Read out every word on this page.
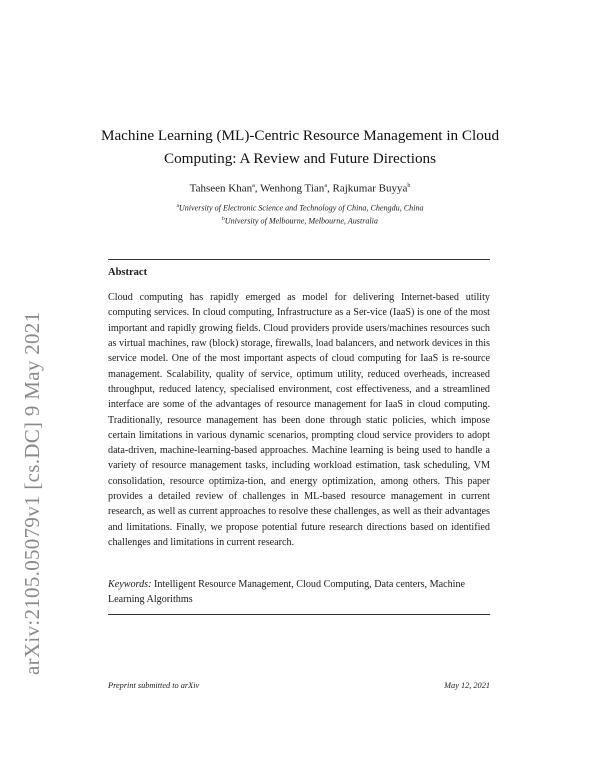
arXiv:2105.05079v1 [cs.DC] 9 May 2021
Machine Learning (ML)-Centric Resource Management in Cloud Computing: A Review and Future Directions
Tahseen Khan$^a$, Wenhong Tian$^a$, Rajkumar Buyya$^b$
$^a$University of Electronic Science and Technology of China, Chengdu, China
$^b$University of Melbourne, Melbourne, Australia
Abstract
Cloud computing has rapidly emerged as model for delivering Internet-based utility computing services. In cloud computing, Infrastructure as a Ser-vice (IaaS) is one of the most important and rapidly growing fields. Cloud providers provide users/machines resources such as virtual machines, raw (block) storage, firewalls, load balancers, and network devices in this service model. One of the most important aspects of cloud computing for IaaS is re-source management. Scalability, quality of service, optimum utility, reduced overheads, increased throughput, reduced latency, specialised environment, cost effectiveness, and a streamlined interface are some of the advantages of resource management for IaaS in cloud computing. Traditionally, resource management has been done through static policies, which impose certain limitations in various dynamic scenarios, prompting cloud service providers to adopt data-driven, machine-learning-based approaches. Machine learning is being used to handle a variety of resource management tasks, including workload estimation, task scheduling, VM consolidation, resource optimiza-tion, and energy optimization, among others. This paper provides a detailed review of challenges in ML-based resource management in current research, as well as current approaches to resolve these challenges, as well as their advantages and limitations. Finally, we propose potential future research directions based on identified challenges and limitations in current research.
Keywords: Intelligent Resource Management, Cloud Computing, Data centers, Machine Learning Algorithms
Preprint submitted to arXiv	May 12, 2021
